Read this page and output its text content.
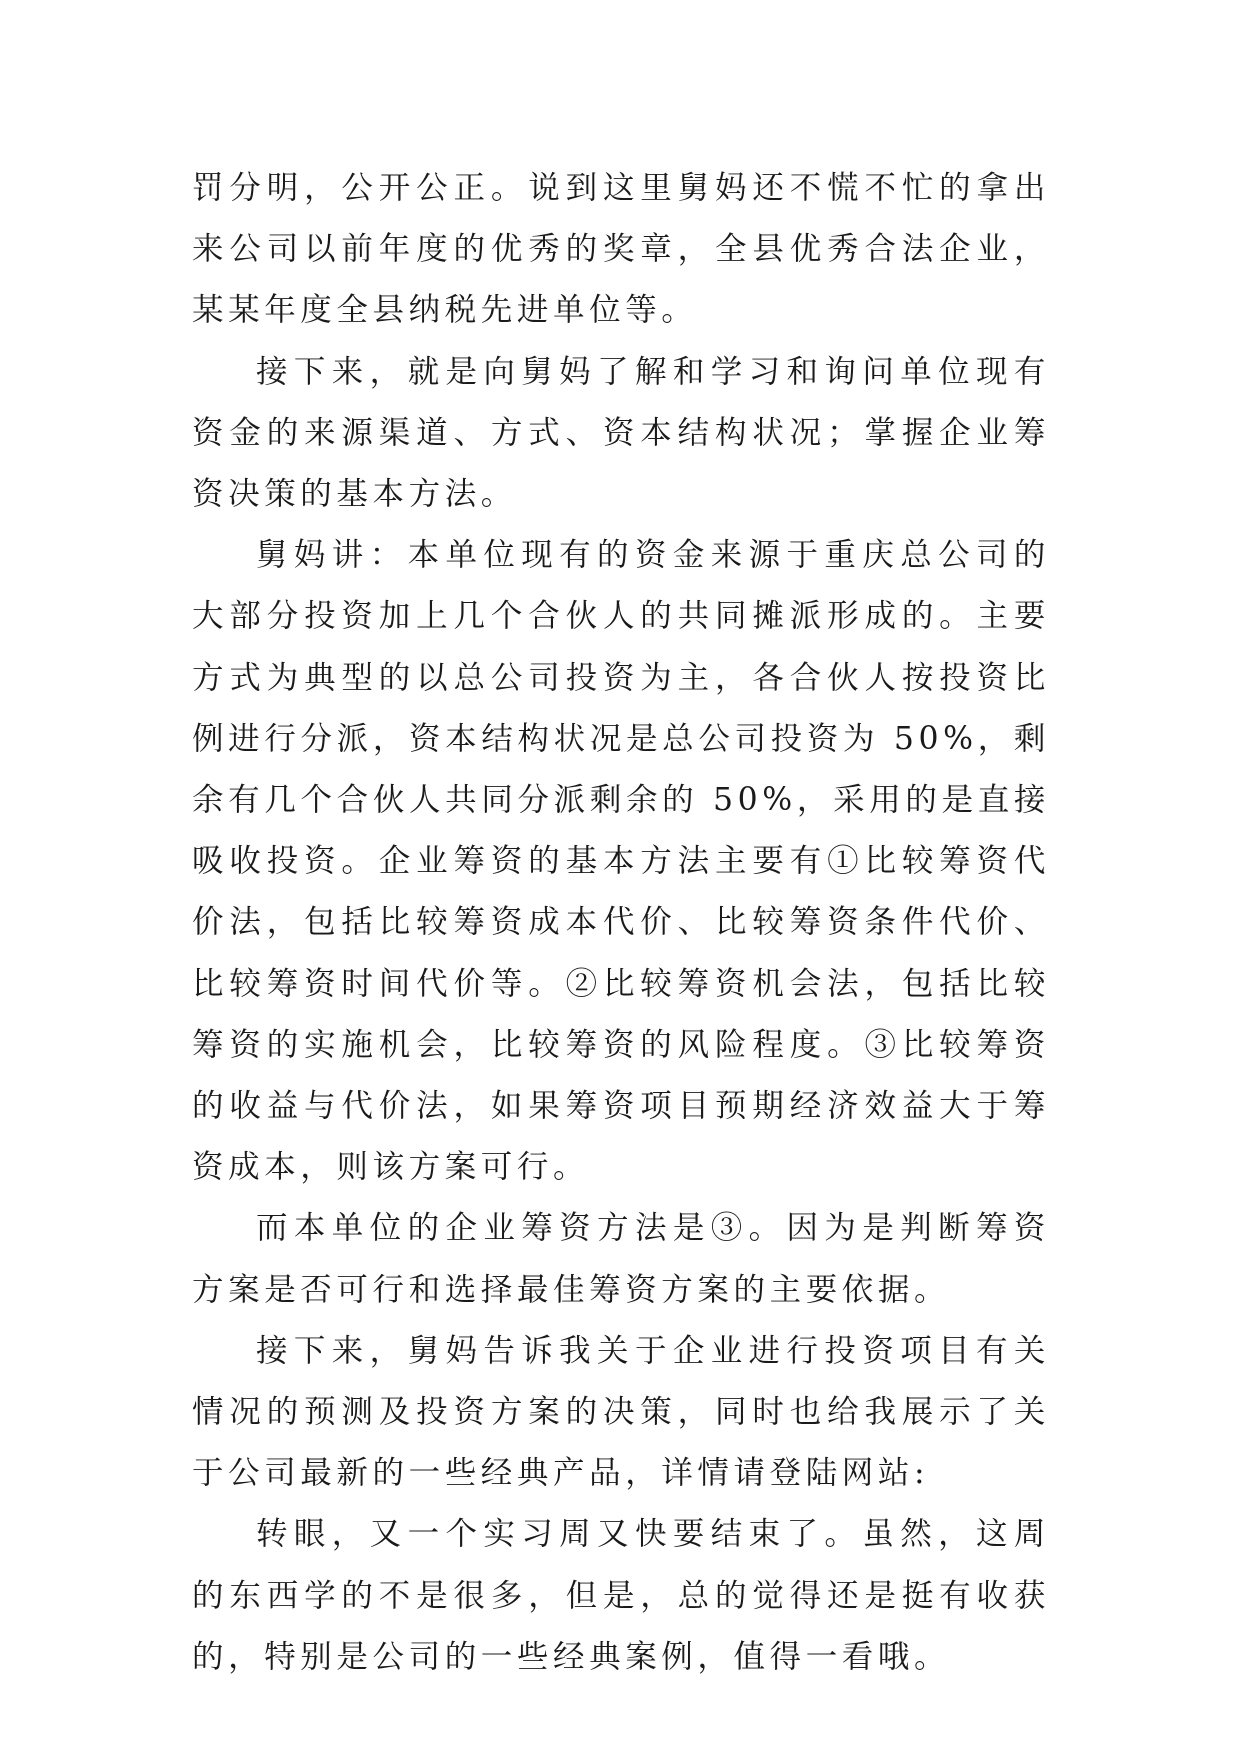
罚分明，公开公正。说到这里舅妈还不慌不忙的拿出来公司以前年度的优秀的奖章，全县优秀合法企业，某某年度全县纳税先进单位等。

接下来，就是向舅妈了解和学习和询问单位现有资金的来源渠道、方式、资本结构状况；掌握企业筹资决策的基本方法。

舅妈讲：本单位现有的资金来源于重庆总公司的大部分投资加上几个合伙人的共同摊派形成的。主要方式为典型的以总公司投资为主，各合伙人按投资比例进行分派，资本结构状况是总公司投资为 50%，剩余有几个合伙人共同分派剩余的 50%，采用的是直接吸收投资。企业筹资的基本方法主要有①比较筹资代价法，包括比较筹资成本代价、比较筹资条件代价、比较筹资时间代价等。②比较筹资机会法，包括比较筹资的实施机会，比较筹资的风险程度。③比较筹资的收益与代价法，如果筹资项目预期经济效益大于筹资成本，则该方案可行。

而本单位的企业筹资方法是③。因为是判断筹资方案是否可行和选择最佳筹资方案的主要依据。

接下来，舅妈告诉我关于企业进行投资项目有关情况的预测及投资方案的决策，同时也给我展示了关于公司最新的一些经典产品，详情请登陆网站:

转眼，又一个实习周又快要结束了。虽然，这周的东西学的不是很多，但是，总的觉得还是挺有收获的，特别是公司的一些经典案例，值得一看哦。
